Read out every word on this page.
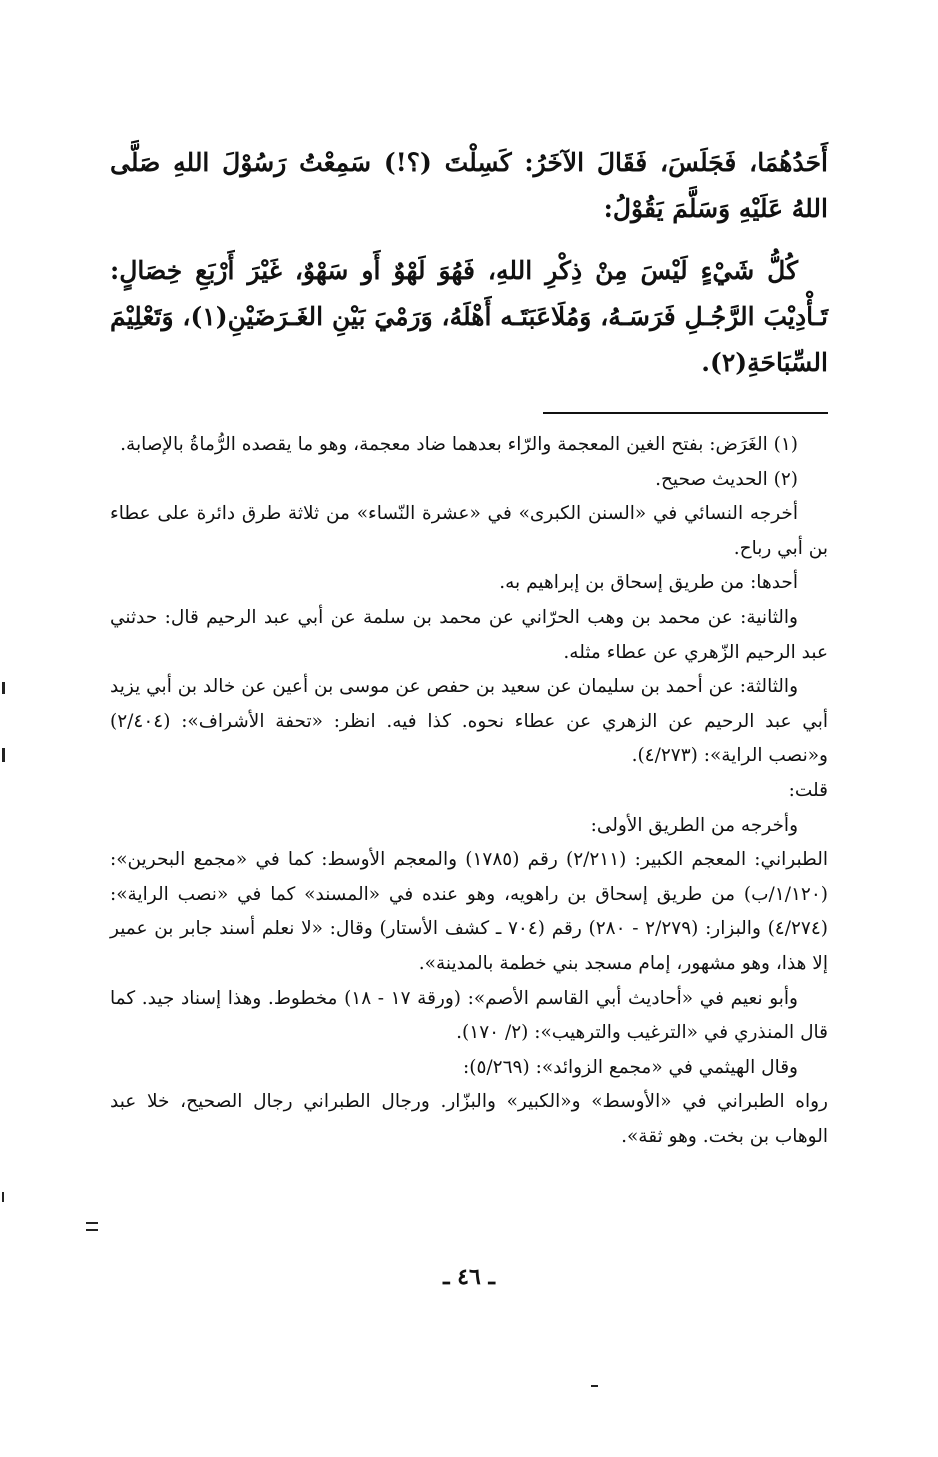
أَحَدُهُمَا، فَجَلَسَ، فَقَالَ الآخَرُ: كَسِلْتَ (؟!) سَمِعْتُ رَسُوْلَ اللهِ صَلَّى اللهُ عَلَيْهِ وَسَلَّمَ يَقُوْلُ:

كُلُّ شَيْءٍ لَيْسَ مِنْ ذِكْرِ اللهِ، فَهُوَ لَهْوٌ أَو سَهْوٌ، غَيْرَ أَرْبَعِ خِصَالٍ: تَـأْدِيْبَ الرَّجُـلِ فَرَسَـهُ، وَمُلَاعَبَتَـه أَهْلَهُ، وَرَمْيَ بَيْنِ الغَـرَضَيْنِ(١)، وَتَعْلِيْمَ السِّبَاحَةِ(٢).

(١) الغَرَض: بفتح الغين المعجمة والرّاء بعدهما ضاد معجمة، وهو ما يقصده الرُّماةُ بالإصابة.

(٢) الحديث صحيح.

أخرجه النسائي في «السنن الكبرى» في «عشرة النّساء» من ثلاثة طرق دائرة على عطاء بن أبي رباح.

أحدها: من طريق إسحاق بن إبراهيم به.

والثانية: عن محمد بن وهب الحرّاني عن محمد بن سلمة عن أبي عبد الرحيم قال: حدثني عبد الرحيم الزّهري عن عطاء مثله.

والثالثة: عن أحمد بن سليمان عن سعيد بن حفص عن موسى بن أعين عن خالد بن أبي يزيد أبي عبد الرحيم عن الزهري عن عطاء نحوه. كذا فيه. انظر: «تحفة الأشراف»: (٢/٤٠٤) و«نصب الراية»: (٤/٢٧٣).

قلت:

وأخرجه من الطريق الأولى:

الطبراني: المعجم الكبير: (٢/٢١١) رقم (١٧٨٥) والمعجم الأوسط: كما في «مجمع البحرين»: (١/١٢٠/ب) من طريق إسحاق بن راهويه، وهو عنده في «المسند» كما في «نصب الراية»: (٤/٢٧٤) والبزار: (٢/٢٧٩ - ٢٨٠) رقم (٧٠٤ ـ كشف الأستار) وقال: «لا نعلم أسند جابر بن عمير إلا هذا، وهو مشهور، إمام مسجد بني خطمة بالمدينة».

وأبو نعيم في «أحاديث أبي القاسم الأصم»: (ورقة ١٧ - ١٨) مخطوط. وهذا إسناد جيد. كما قال المنذري في «الترغيب والترهيب»: (٢/ ١٧٠).

وقال الهيثمي في «مجمع الزوائد»: (٥/٢٦٩):

رواه الطبراني في «الأوسط» و«الكبير» والبزّار. ورجال الطبراني رجال الصحيح، خلا عبد الوهاب بن بخت. وهو ثقة».

ـ ٤٦ ـ
